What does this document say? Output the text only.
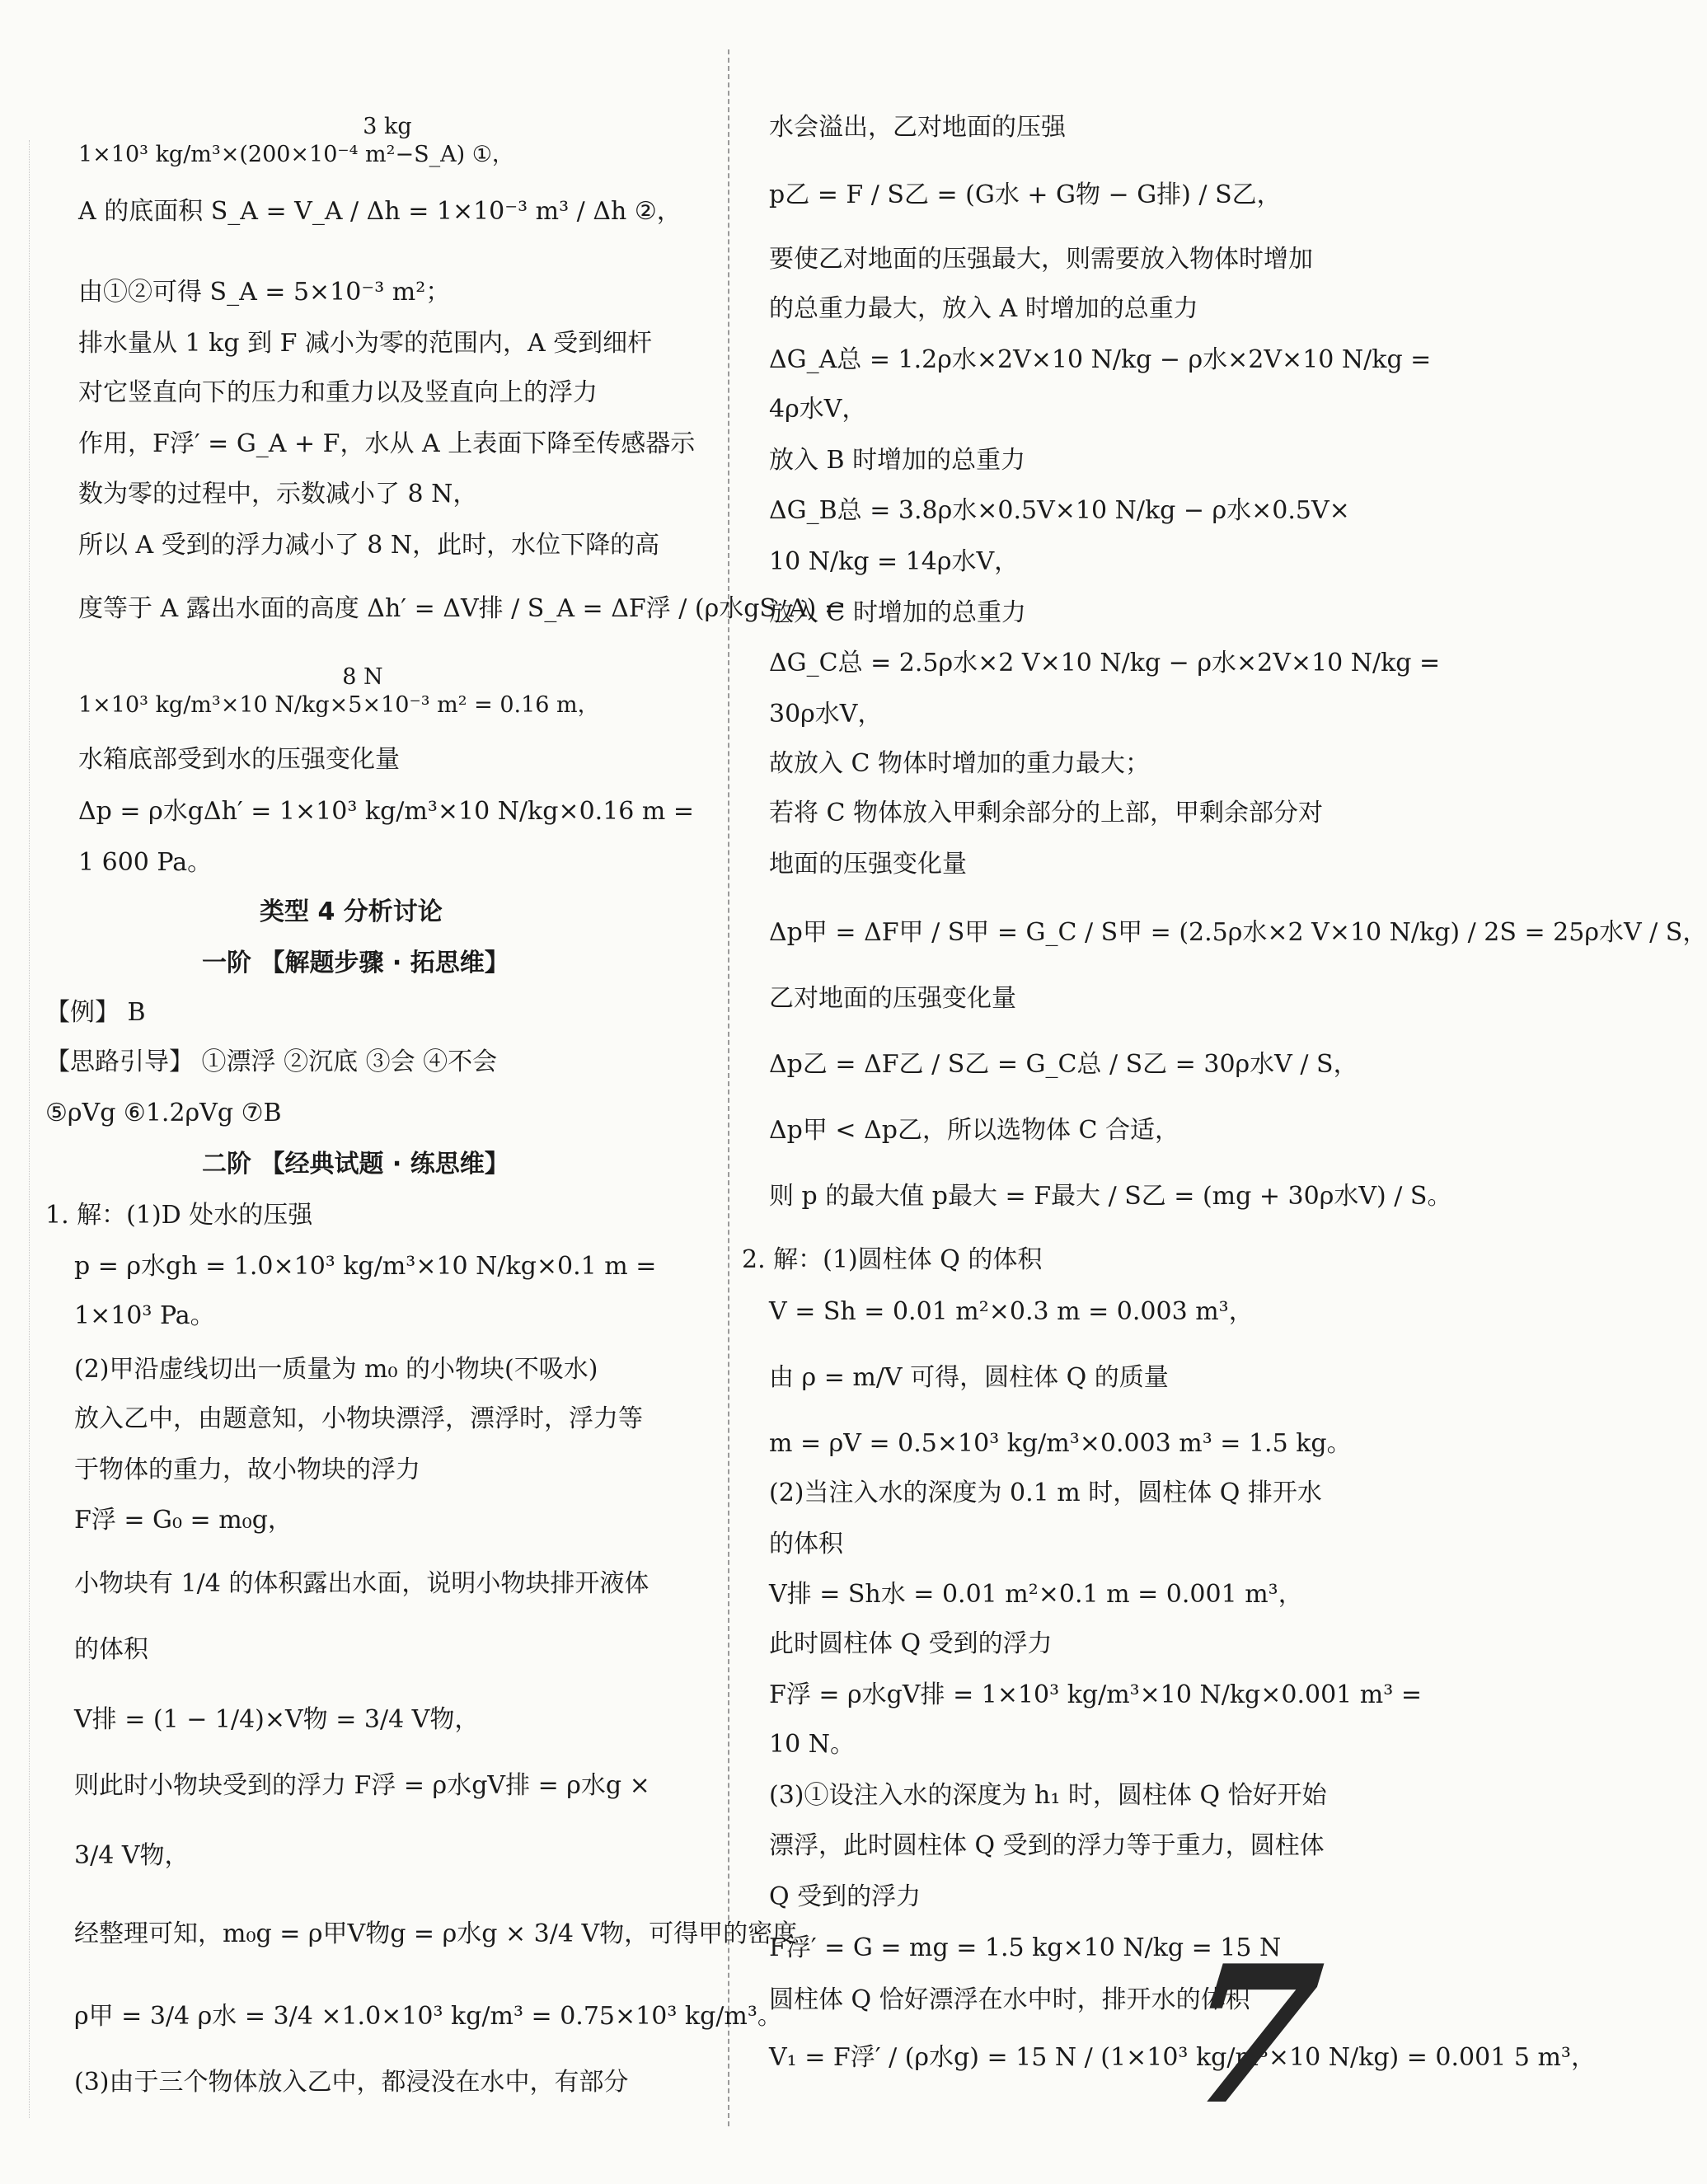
3 kg
1×10³ kg/m³×(200×10⁻⁴ m²−S_A) ①，
A 的底面积 S_A = V_A / Δh = 1×10⁻³ m³ / Δh ②，
由①②可得 S_A = 5×10⁻³ m²；
排水量从 1 kg 到 F 减小为零的范围内，A 受到细杆
对它竖直向下的压力和重力以及竖直向上的浮力
作用，F浮′ = G_A + F，水从 A 上表面下降至传感器示
数为零的过程中，示数减小了 8 N，
所以 A 受到的浮力减小了 8 N，此时，水位下降的高
度等于 A 露出水面的高度 Δh′ = ΔV排 / S_A = ΔF浮 / (ρ水gS_A) =
8 N
1×10³ kg/m³×10 N/kg×5×10⁻³ m² = 0.16 m，
水箱底部受到水的压强变化量
Δp = ρ水gΔh′ = 1×10³ kg/m³×10 N/kg×0.16 m =
1 600 Pa。
类型 4 分析讨论
一阶 【解题步骤 · 拓思维】
【例】 B
【思路引导】 ①漂浮 ②沉底 ③会 ④不会
⑤ρVg ⑥1.2ρVg ⑦B
二阶 【经典试题 · 练思维】
1. 解：(1)D 处水的压强
p = ρ水gh = 1.0×10³ kg/m³×10 N/kg×0.1 m =
1×10³ Pa。
(2)甲沿虚线切出一质量为 m₀ 的小物块(不吸水)
放入乙中，由题意知，小物块漂浮，漂浮时，浮力等
于物体的重力，故小物块的浮力
F浮 = G₀ = m₀g，
小物块有 1/4 的体积露出水面，说明小物块排开液体
的体积
V排 = (1 − 1/4)×V物 = 3/4 V物，
则此时小物块受到的浮力 F浮 = ρ水gV排 = ρ水g ×
3/4 V物，
经整理可知，m₀g = ρ甲V物g = ρ水g × 3/4 V物，可得甲的密度
ρ甲 = 3/4 ρ水 = 3/4 ×1.0×10³ kg/m³ = 0.75×10³ kg/m³。
(3)由于三个物体放入乙中，都浸没在水中，有部分
水会溢出，乙对地面的压强
p乙 = F / S乙 = (G水 + G物 − G排) / S乙，
要使乙对地面的压强最大，则需要放入物体时增加
的总重力最大，放入 A 时增加的总重力
ΔG_A总 = 1.2ρ水×2V×10 N/kg − ρ水×2V×10 N/kg =
4ρ水V，
放入 B 时增加的总重力
ΔG_B总 = 3.8ρ水×0.5V×10 N/kg − ρ水×0.5V×
10 N/kg = 14ρ水V，
放入 C 时增加的总重力
ΔG_C总 = 2.5ρ水×2 V×10 N/kg − ρ水×2V×10 N/kg =
30ρ水V，
故放入 C 物体时增加的重力最大；
若将 C 物体放入甲剩余部分的上部，甲剩余部分对
地面的压强变化量
Δp甲 = ΔF甲 / S甲 = G_C / S甲 = (2.5ρ水×2 V×10 N/kg) / 2S = 25ρ水V / S，
乙对地面的压强变化量
Δp乙 = ΔF乙 / S乙 = G_C总 / S乙 = 30ρ水V / S，
Δp甲 < Δp乙，所以选物体 C 合适，
则 p 的最大值 p最大 = F最大 / S乙 = (mg + 30ρ水V) / S。
2. 解：(1)圆柱体 Q 的体积
V = Sh = 0.01 m²×0.3 m = 0.003 m³，
由 ρ = m/V 可得，圆柱体 Q 的质量
m = ρV = 0.5×10³ kg/m³×0.003 m³ = 1.5 kg。
(2)当注入水的深度为 0.1 m 时，圆柱体 Q 排开水
的体积
V排 = Sh水 = 0.01 m²×0.1 m = 0.001 m³，
此时圆柱体 Q 受到的浮力
F浮 = ρ水gV排 = 1×10³ kg/m³×10 N/kg×0.001 m³ =
10 N。
(3)①设注入水的深度为 h₁ 时，圆柱体 Q 恰好开始
漂浮，此时圆柱体 Q 受到的浮力等于重力，圆柱体
Q 受到的浮力
F浮′ = G = mg = 1.5 kg×10 N/kg = 15 N
圆柱体 Q 恰好漂浮在水中时，排开水的体积
V₁ = F浮′ / (ρ水g) = 15 N / (1×10³ kg/m³×10 N/kg) = 0.001 5 m³，
7
